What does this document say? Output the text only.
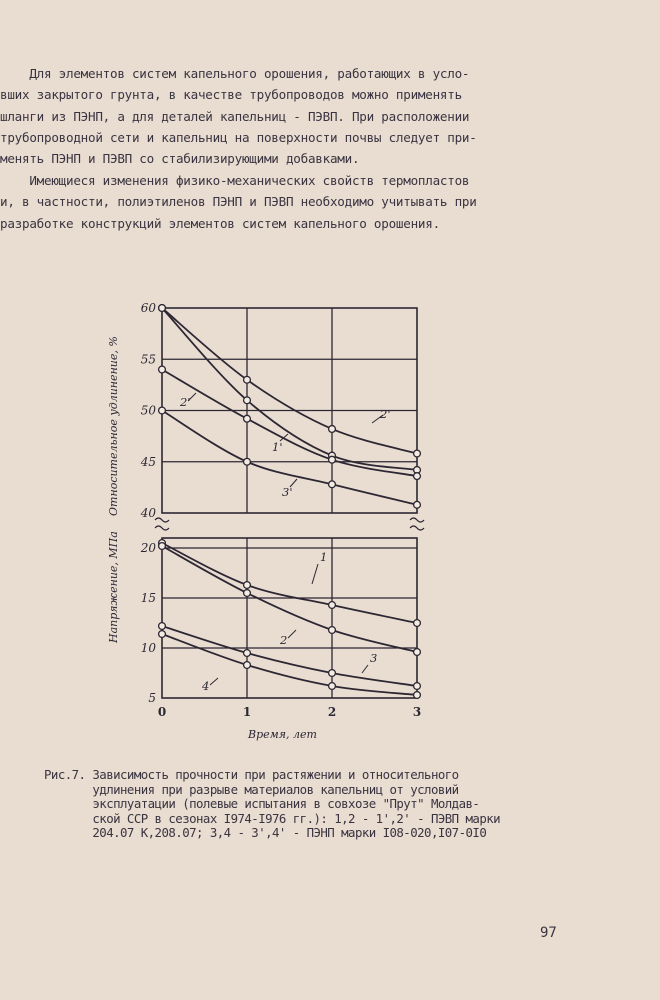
Для элементов систем капельного орошения, работающих в усло-
вших закрытого грунта, в качестве трубопроводов можно применять
шланги из ПЭНП, а для деталей капельниц - ПЭВП. При расположении
трубопроводной сети и капельниц на поверхности почвы следует при-
менять ПЭНП и ПЭВП со стабилизирующими добавками.
Имеющиеся изменения физико-механических свойств термопластов
и, в частности, полиэтиленов ПЭНП и ПЭВП необходимо учитывать при
разработке конструкций элементов систем капельного орошения.
60
55
50
45
40
20
15
10
5
0	1	2	3
2'
1'
2'
3'
1
2
3
4
Относительное удлинение, %
Напряжение, МПа
Время, лет
Рис.7. Зависимость прочности при растяжении и относительного
удлинения при разрыве материалов капельниц от условий
эксплуатации (полевые испытания в совхозе "Прут" Молдав-
ской ССР в сезонах I974-I976 гг.): 1,2 - 1',2' - ПЭВП марки
204.07 К,208.07; 3,4 - 3',4' - ПЭНП марки I08-020,I07-0I0
97
